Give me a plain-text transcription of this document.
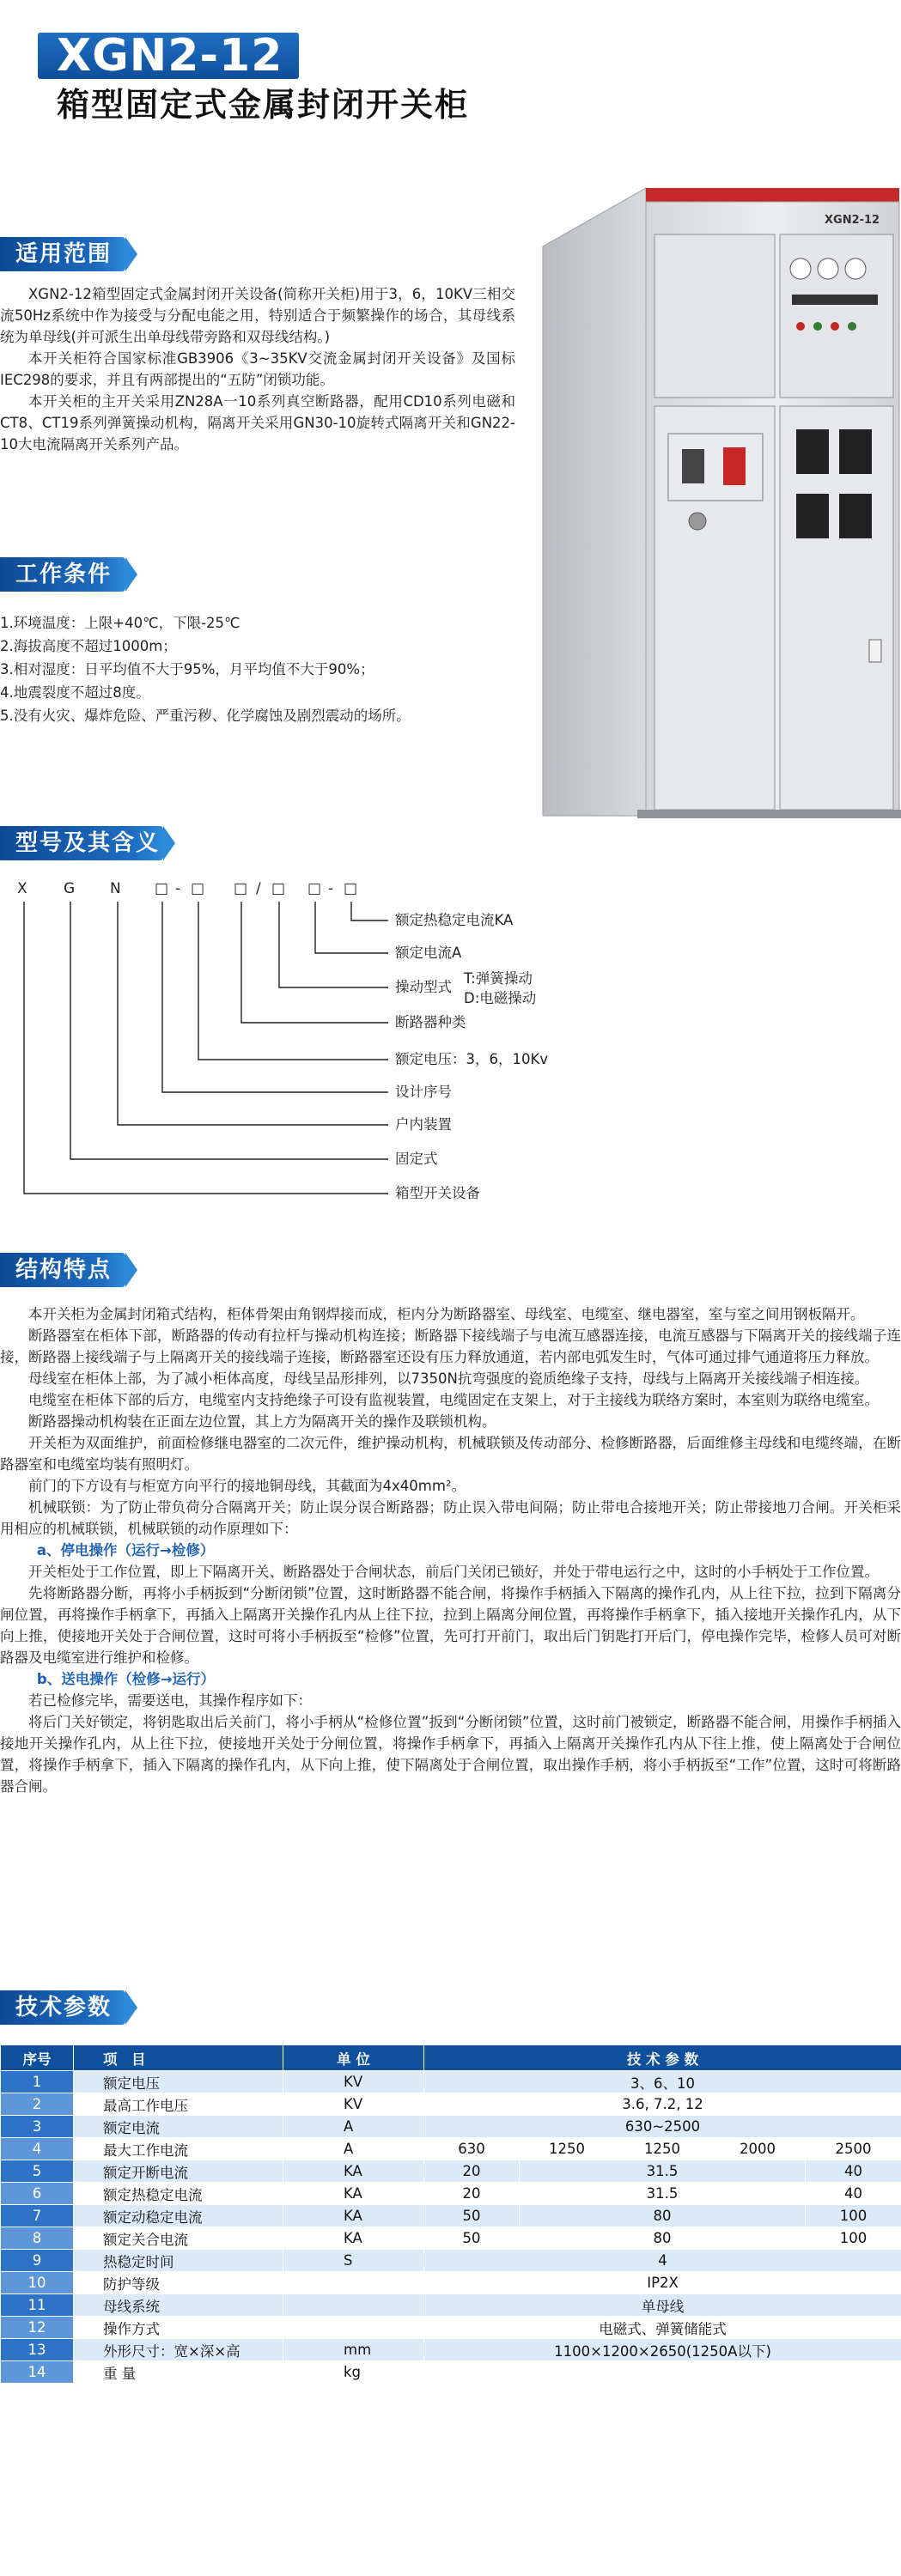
XGN2-12
箱型固定式金属封闭开关柜
XGN2-12
适用范围

XGN2-12箱型固定式金属封闭开关设备(简称开关柜)用于3，6，10KV三相交流50Hz系统中作为接受与分配电能之用，特别适合于频繁操作的场合，其母线系统为单母线(并可派生出单母线带旁路和双母线结构。)

本开关柜符合国家标准GB3906《3~35KV交流金属封闭开关设备》及国标IEC298的要求，并且有两部提出的“五防”闭锁功能。

本开关柜的主开关采用ZN28A一10系列真空断路器，配用CD10系列电磁和CT8、CT19系列弹簧操动机构，隔离开关采用GN30-10旋转式隔离开关和GN22-10大电流隔离开关系列产品。

工作条件

1.环境温度：上限+40℃，下限-25℃

2.海拔高度不超过1000m；

3.相对湿度：日平均值不大于95%，月平均值不大于90%；

4.地震裂度不超过8度。

5.没有火灾、爆炸危险、严重污秽、化学腐蚀及剧烈震动的场所。

型号及其含义
X G N □ - □ □ / □ □ - □
额定热稳定电流KA
额定电流A
操动型式
T:弹簧操动
D:电磁操动
断路器种类
额定电压：3，6，10Kv
设计序号
户内装置
固定式
箱型开关设备
结构特点

本开关柜为金属封闭箱式结构，柜体骨架由角钢焊接而成，柜内分为断路器室、母线室、电缆室、继电器室，室与室之间用钢板隔开。

断路器室在柜体下部，断路器的传动有拉杆与操动机构连接；断路器下接线端子与电流互感器连接，电流互感器与下隔离开关的接线端子连接，断路器上接线端子与上隔离开关的接线端子连接，断路器室还设有压力释放通道，若内部电弧发生时，气体可通过排气通道将压力释放。

母线室在柜体上部，为了减小柜体高度，母线呈品形排列，以7350N抗弯强度的瓷质绝缘子支持，母线与上隔离开关接线端子相连接。

电缆室在柜体下部的后方，电缆室内支持绝缘子可设有监视装置，电缆固定在支架上，对于主接线为联络方案时，本室则为联络电缆室。

断路器操动机构装在正面左边位置，其上方为隔离开关的操作及联锁机构。

开关柜为双面维护，前面检修继电器室的二次元件，维护操动机构，机械联锁及传动部分、检修断路器，后面维修主母线和电缆终端，在断路器室和电缆室均装有照明灯。

前门的下方设有与柜宽方向平行的接地铜母线，其截面为4x40mm²。

机械联锁：为了防止带负荷分合隔离开关；防止误分误合断路器；防止误入带电间隔；防止带电合接地开关；防止带接地刀合闸。开关柜采用相应的机械联锁，机械联锁的动作原理如下：

a、停电操作（运行→检修）

开关柜处于工作位置，即上下隔离开关、断路器处于合闸状态，前后门关闭已锁好，并处于带电运行之中，这时的小手柄处于工作位置。

先将断路器分断，再将小手柄扳到“分断闭锁”位置，这时断路器不能合闸，将操作手柄插入下隔离的操作孔内，从上往下拉，拉到下隔离分闸位置，再将操作手柄拿下，再插入上隔离开关操作孔内从上往下拉，拉到上隔离分闸位置，再将操作手柄拿下，插入接地开关操作孔内，从下向上推，使接地开关处于合闸位置，这时可将小手柄扳至“检修”位置，先可打开前门，取出后门钥匙打开后门，停电操作完毕，检修人员可对断路器及电缆室进行维护和检修。

b、送电操作（检修→运行）

若已检修完毕，需要送电，其操作程序如下：

将后门关好锁定，将钥匙取出后关前门，将小手柄从“检修位置”扳到“分断闭锁”位置，这时前门被锁定，断路器不能合闸，用操作手柄插入接地开关操作孔内，从上往下拉，使接地开关处于分闸位置，将操作手柄拿下，再插入上隔离开关操作孔内从下往上推，使上隔离处于合闸位置，将操作手柄拿下，插入下隔离的操作孔内，从下向上推，使下隔离处于合闸位置，取出操作手柄，将小手柄扳至“工作”位置，这时可将断路器合闸。

技术参数
序号	项　目	单 位	技 术 参 数				
1	额定电压	KV	3、6、10				
2	最高工作电压	KV	3.6, 7.2, 12				
3	额定电流	A	630~2500				
4	最大工作电流	A	630	1250	1250	2000	2500
5	额定开断电流	KA	20	31.5			40
6	额定热稳定电流	KA	20	31.5			40
7	额定动稳定电流	KA	50	80			100
8	额定关合电流	KA	50	80			100
9	热稳定时间	S	4				
10	防护等级		IP2X				
11	母线系统		单母线				
12	操作方式		电磁式、弹簧储能式				
13	外形尺寸：宽×深×高	mm	1100×1200×2650(1250A以下)				
14	重 量	kg					
